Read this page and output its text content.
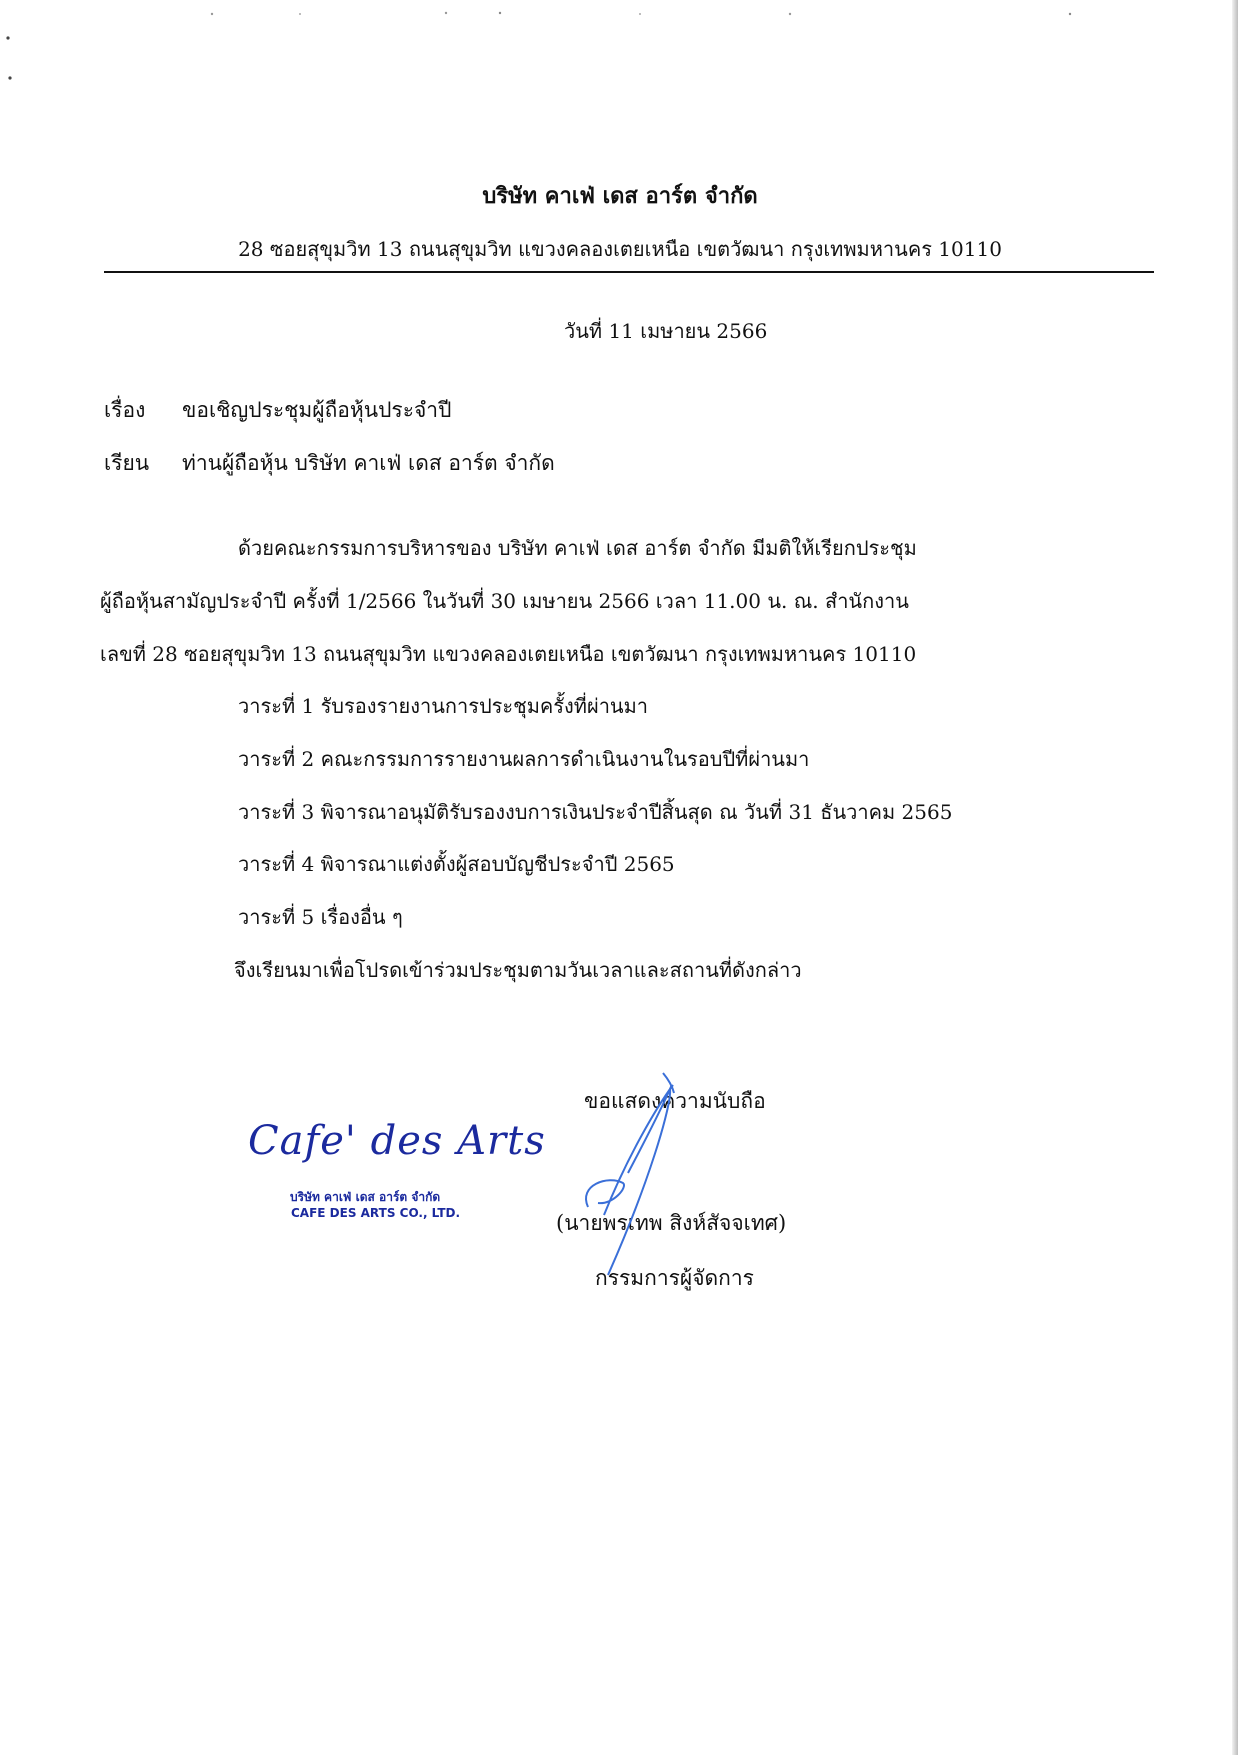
บริษัท คาเฟ่ เดส อาร์ต จำกัด
28 ซอยสุขุมวิท 13 ถนนสุขุมวิท แขวงคลองเตยเหนือ เขตวัฒนา กรุงเทพมหานคร 10110
วันที่ 11 เมษายน 2566
เรื่อง ขอเชิญประชุมผู้ถือหุ้นประจำปี
เรียน ท่านผู้ถือหุ้น บริษัท คาเฟ่ เดส อาร์ต จำกัด
ด้วยคณะกรรมการบริหารของ บริษัท คาเฟ่ เดส อาร์ต จำกัด มีมติให้เรียกประชุม
ผู้ถือหุ้นสามัญประจำปี ครั้งที่ 1/2566 ในวันที่ 30 เมษายน 2566 เวลา 11.00 น. ณ. สำนักงาน
เลขที่ 28 ซอยสุขุมวิท 13 ถนนสุขุมวิท แขวงคลองเตยเหนือ เขตวัฒนา กรุงเทพมหานคร 10110
วาระที่ 1 รับรองรายงานการประชุมครั้งที่ผ่านมา
วาระที่ 2 คณะกรรมการรายงานผลการดำเนินงานในรอบปีที่ผ่านมา
วาระที่ 3 พิจารณาอนุมัติรับรองงบการเงินประจำปีสิ้นสุด ณ วันที่ 31 ธันวาคม 2565
วาระที่ 4 พิจารณาแต่งตั้งผู้สอบบัญชีประจำปี 2565
วาระที่ 5 เรื่องอื่น ๆ
จึงเรียนมาเพื่อโปรดเข้าร่วมประชุมตามวันเวลาและสถานที่ดังกล่าว
Cafe' des Arts
บริษัท คาเฟ่ เดส อาร์ต จำกัด
CAFE DES ARTS CO., LTD.
ขอแสดงความนับถือ
(นายพรเทพ สิงห์สัจจเทศ)
กรรมการผู้จัดการ
